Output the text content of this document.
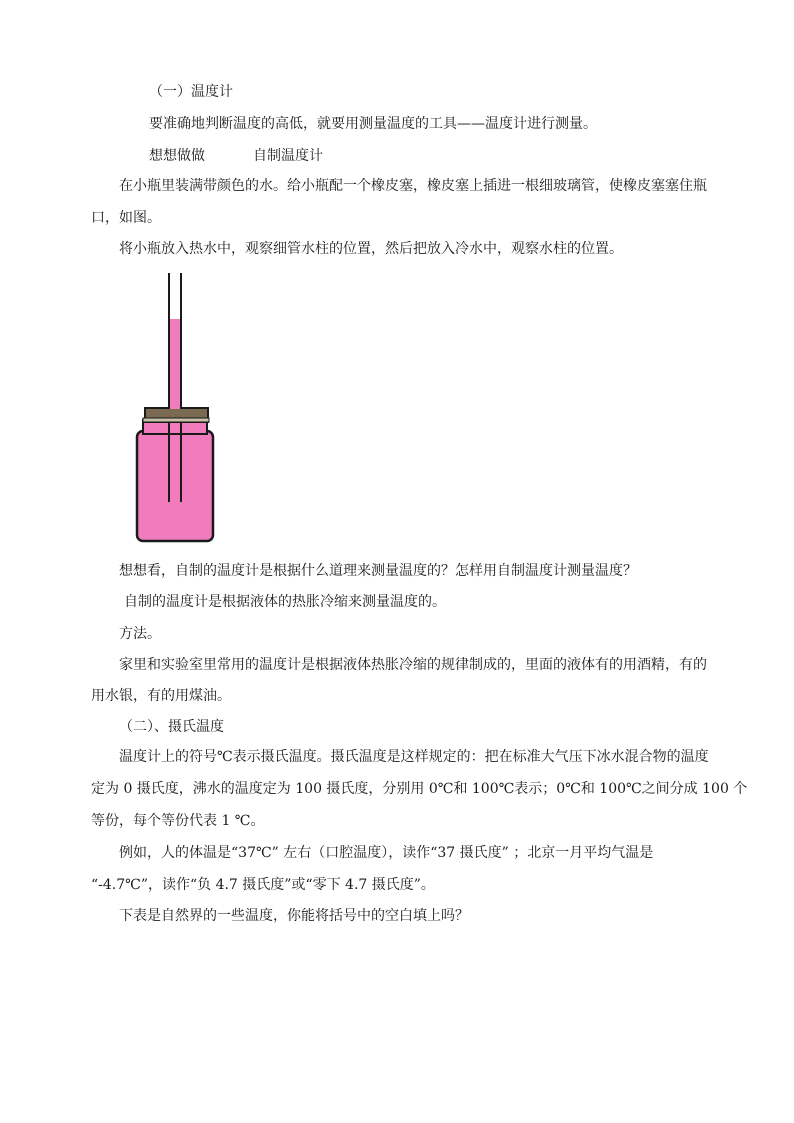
（一）温度计
要准确地判断温度的高低，就要用测量温度的工具——温度计进行测量。
想想做做	自制温度计
在小瓶里装满带颜色的水。给小瓶配一个橡皮塞，橡皮塞上插进一根细玻璃管，使橡皮塞塞住瓶
口，如图。
将小瓶放入热水中，观察细管水柱的位置，然后把放入冷水中，观察水柱的位置。
想想看，自制的温度计是根据什么道理来测量温度的？怎样用自制温度计测量温度？
自制的温度计是根据液体的热胀冷缩来测量温度的。
方法。
家里和实验室里常用的温度计是根据液体热胀冷缩的规律制成的，里面的液体有的用酒精，有的
用水银，有的用煤油。
（二）、摄氏温度
温度计上的符号℃表示摄氏温度。摄氏温度是这样规定的：把在标准大气压下冰水混合物的温度
定为 0 摄氏度，沸水的温度定为 100 摄氏度，分别用 0℃和 100℃表示；0℃和 100℃之间分成 100 个
等份，每个等份代表 1 ℃。
例如，人的体温是“37℃” 左右（口腔温度），读作“37 摄氏度” ；北京一月平均气温是
“-4.7℃”，读作“负 4.7 摄氏度”或“零下 4.7 摄氏度”。
下表是自然界的一些温度，你能将括号中的空白填上吗？
